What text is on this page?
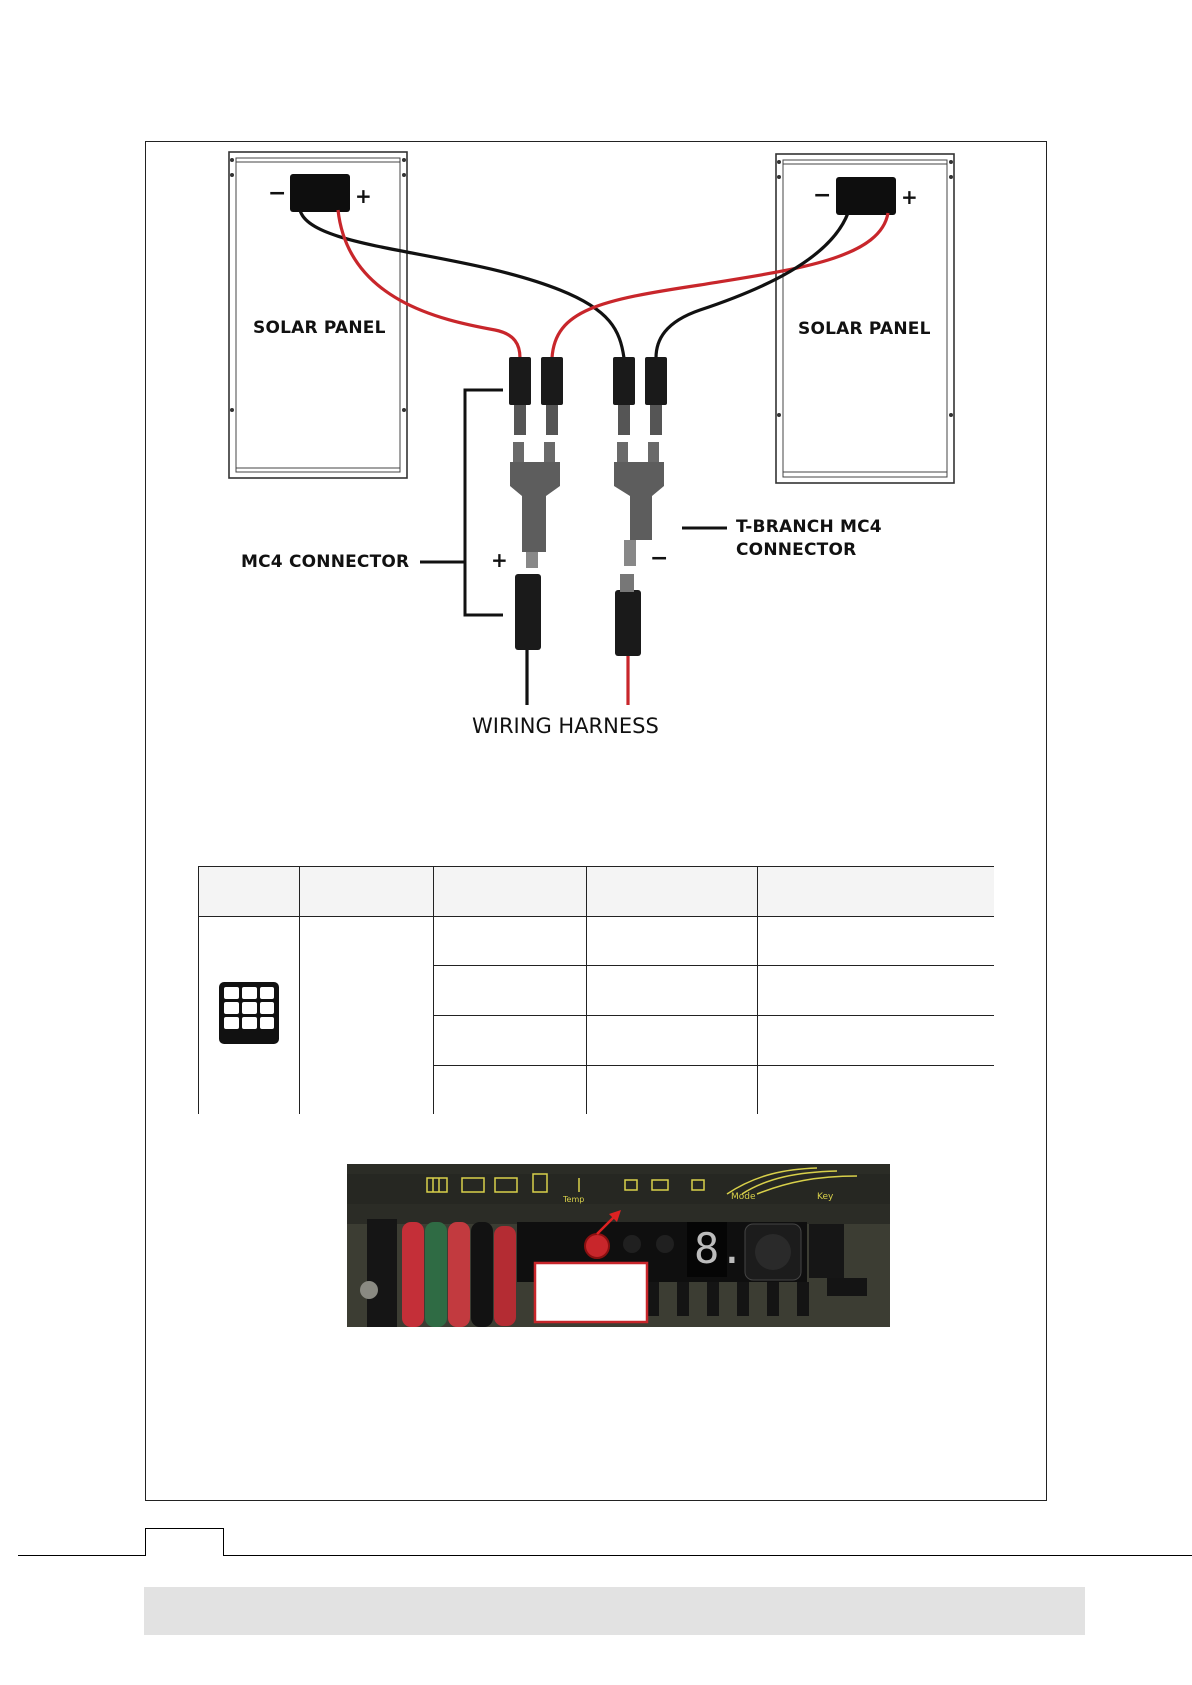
SOLAR PANEL	SOLAR PANEL
−	+	−	+
MC4 CONNECTOR
T-BRANCH MC4
CONNECTOR
+	−
WIRING HARNESS

Temp	Mode	Key
8.
